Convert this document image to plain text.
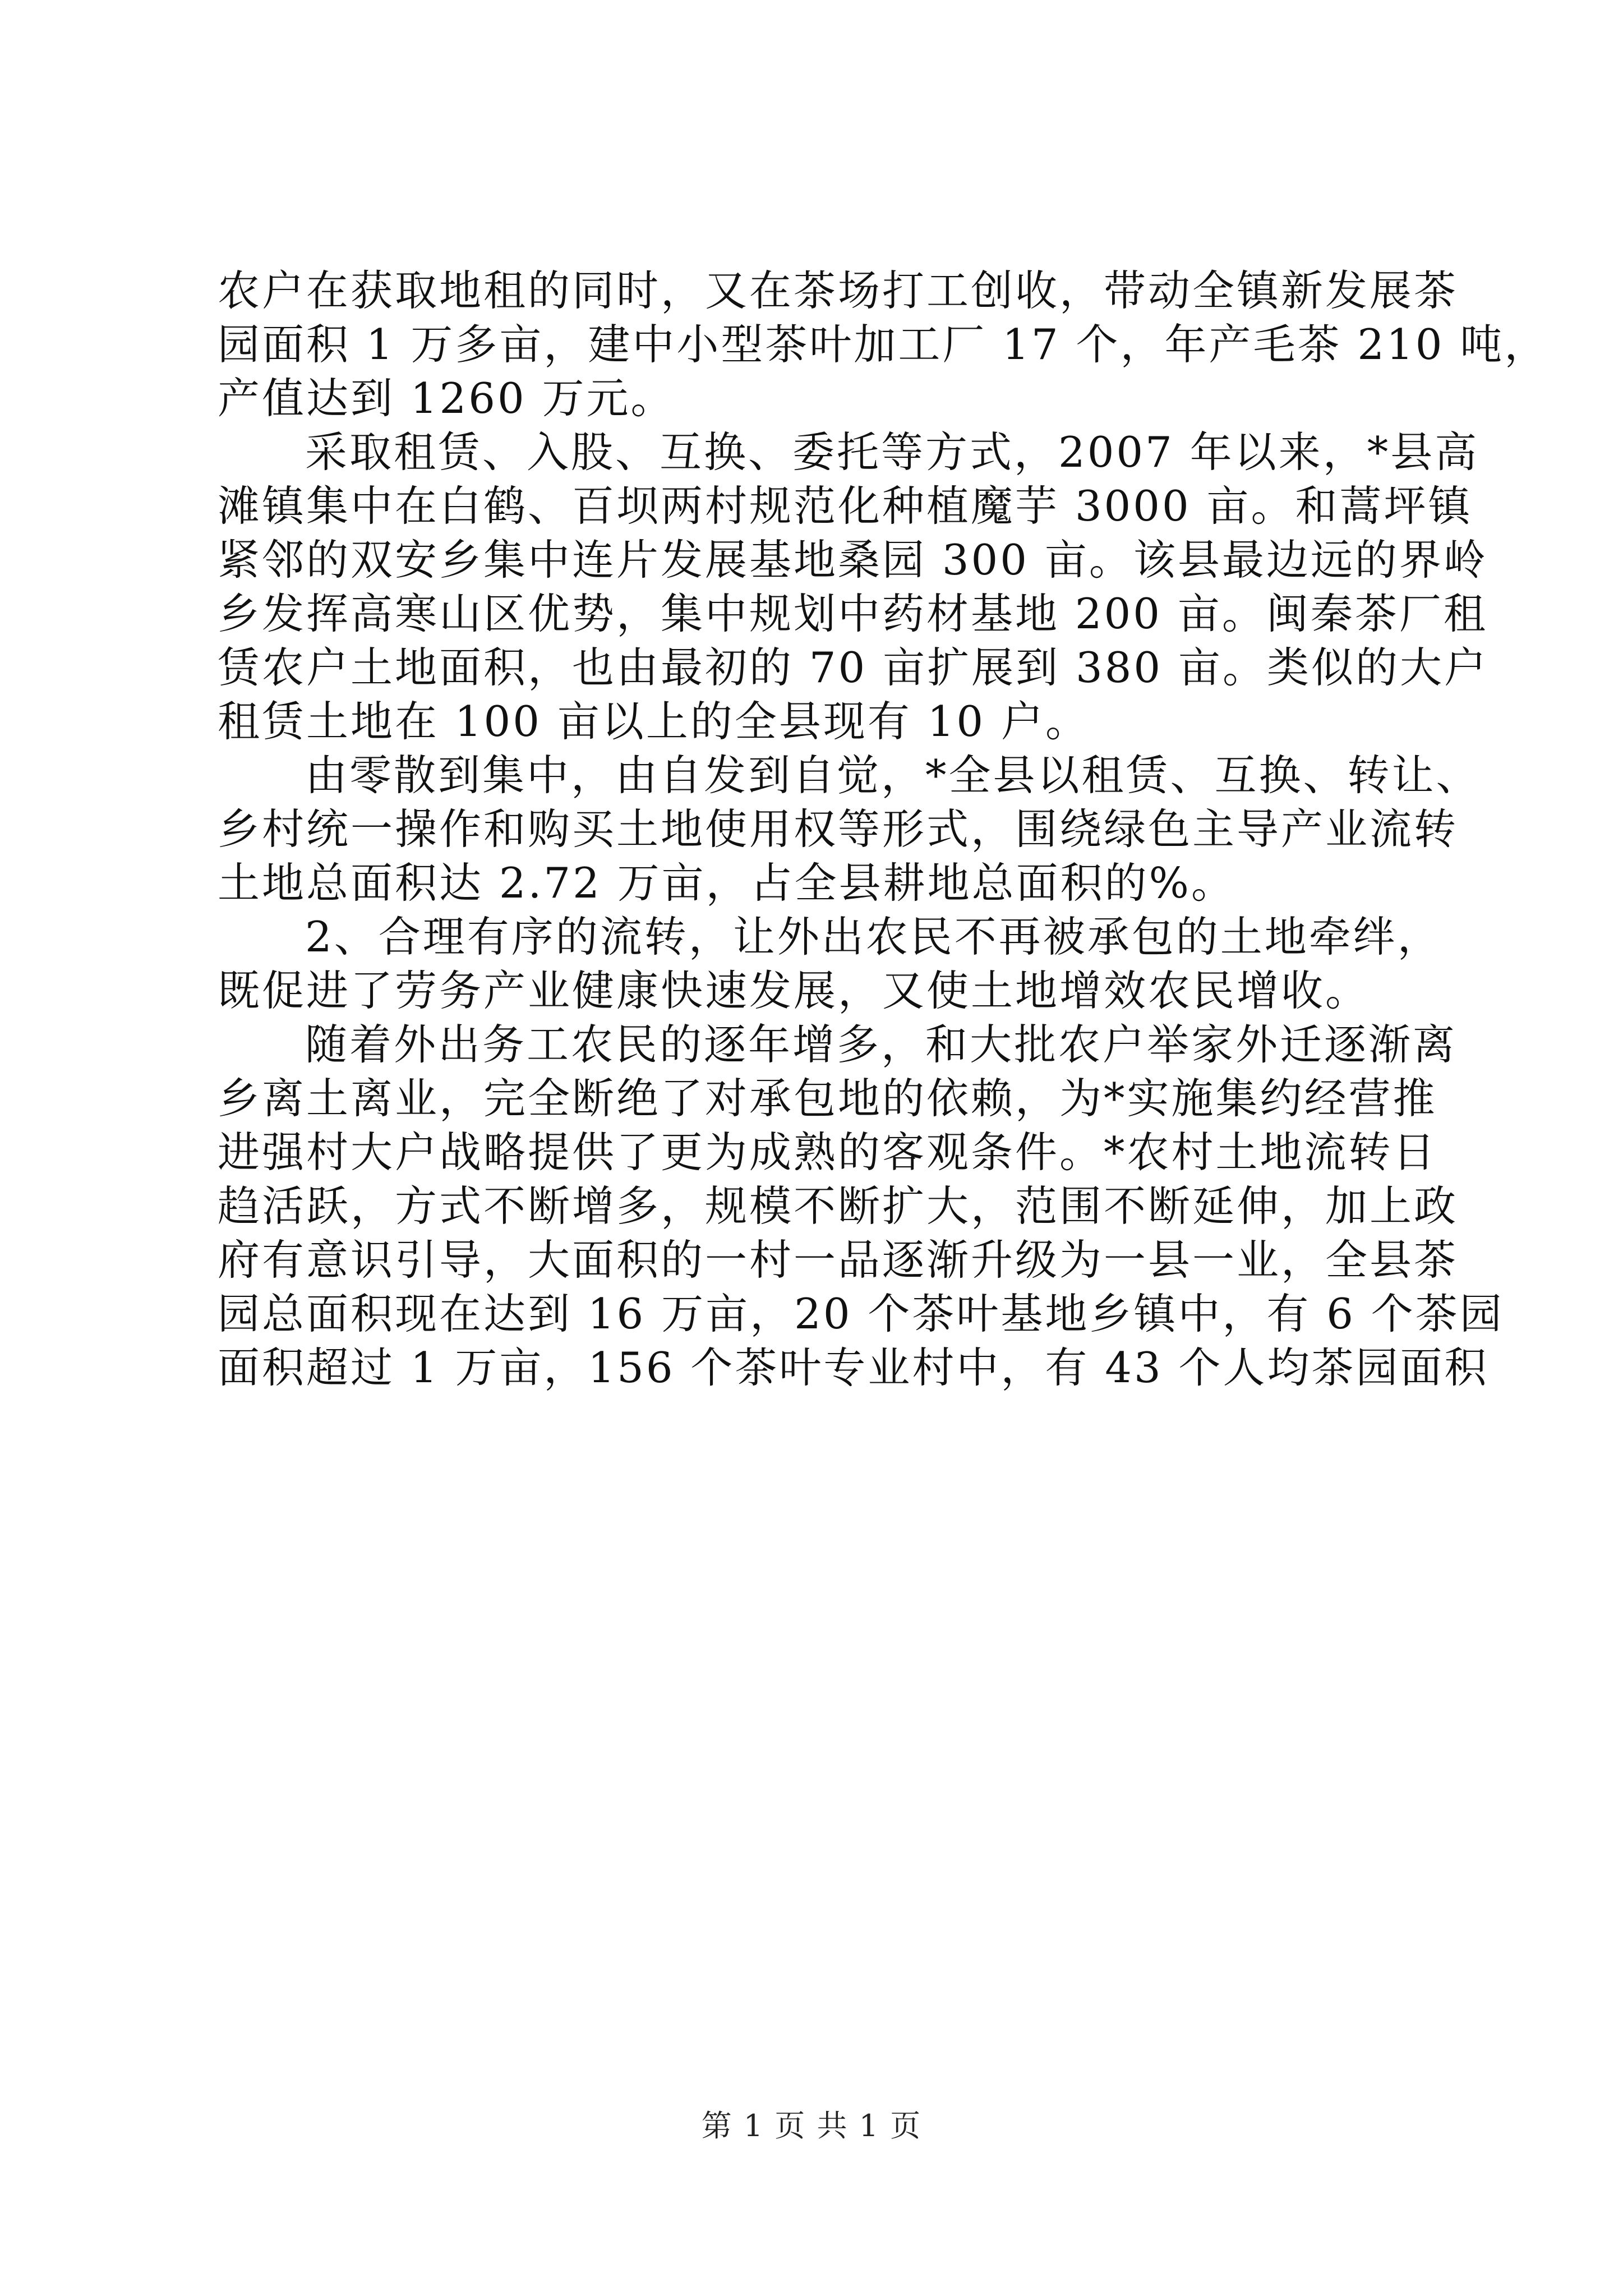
农户在获取地租的同时，又在茶场打工创收，带动全镇新发展茶
园面积 1 万多亩，建中小型茶叶加工厂 17 个，年产毛茶 210 吨，
产值达到 1260 万元。
采取租赁、入股、互换、委托等方式，2007 年以来，*县高
滩镇集中在白鹤、百坝两村规范化种植魔芋 3000 亩。和蒿坪镇
紧邻的双安乡集中连片发展基地桑园 300 亩。该县最边远的界岭
乡发挥高寒山区优势，集中规划中药材基地 200 亩。闽秦茶厂租
赁农户土地面积，也由最初的 70 亩扩展到 380 亩。类似的大户
租赁土地在 100 亩以上的全县现有 10 户。
由零散到集中，由自发到自觉，*全县以租赁、互换、转让、
乡村统一操作和购买土地使用权等形式，围绕绿色主导产业流转
土地总面积达 2.72 万亩，占全县耕地总面积的%。
2、合理有序的流转，让外出农民不再被承包的土地牵绊，
既促进了劳务产业健康快速发展，又使土地增效农民增收。
随着外出务工农民的逐年增多，和大批农户举家外迁逐渐离
乡离土离业，完全断绝了对承包地的依赖，为*实施集约经营推
进强村大户战略提供了更为成熟的客观条件。*农村土地流转日
趋活跃，方式不断增多，规模不断扩大，范围不断延伸，加上政
府有意识引导，大面积的一村一品逐渐升级为一县一业，全县茶
园总面积现在达到 16 万亩，20 个茶叶基地乡镇中，有 6 个茶园
面积超过 1 万亩，156 个茶叶专业村中，有 43 个人均茶园面积
第 1 页 共 1 页
